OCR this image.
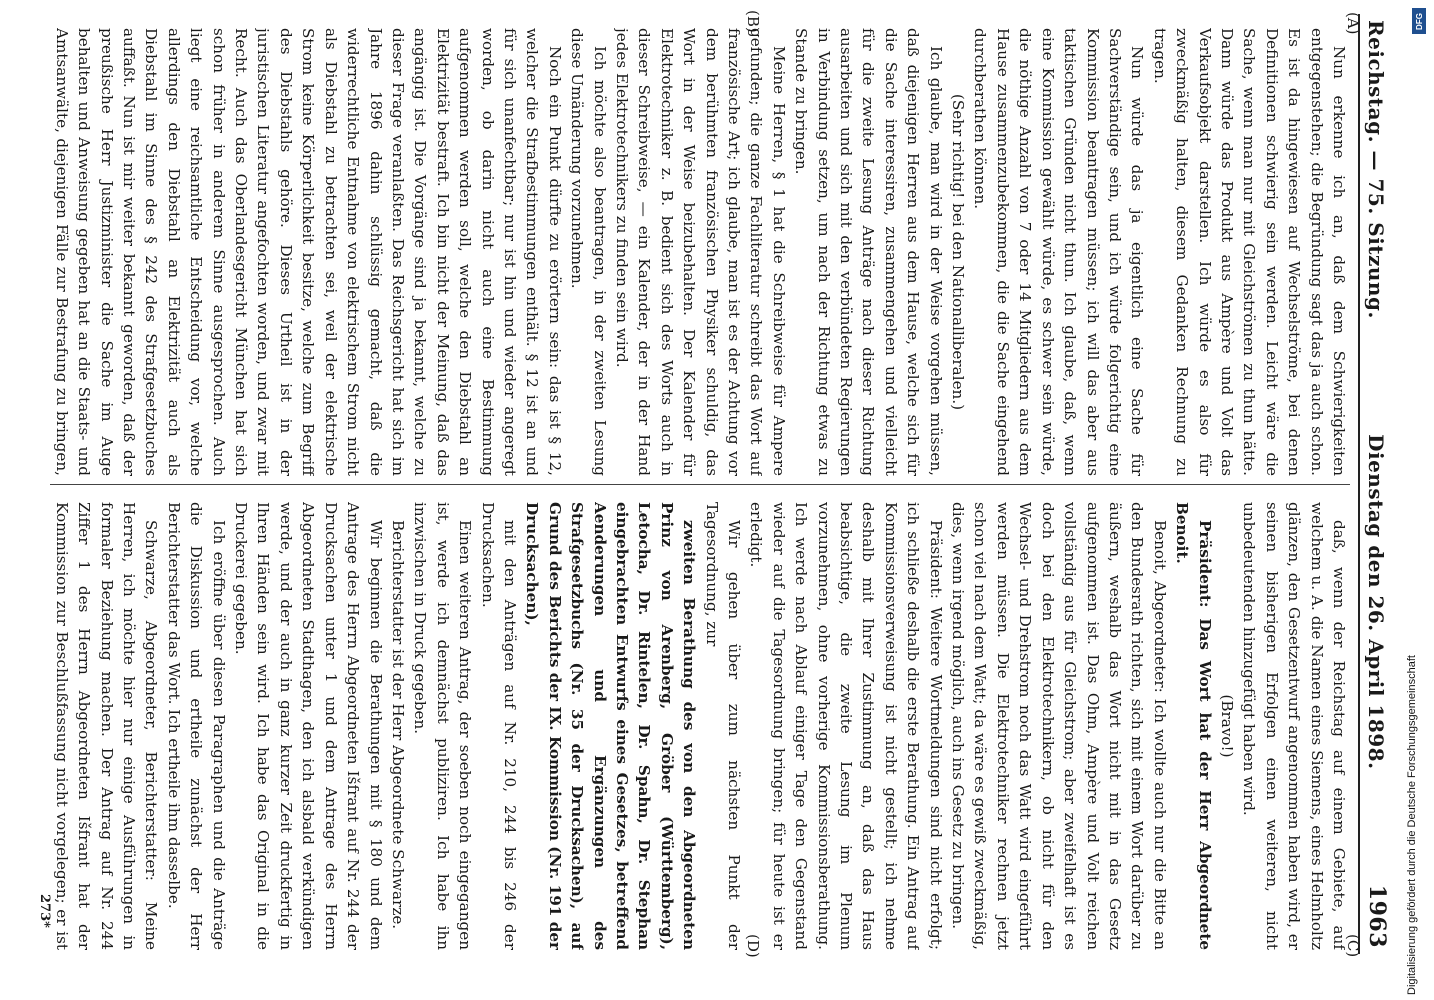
Reichstag. — 75. Sitzung.
Dienstag den 26. April 1898.
1963
(A)
(B)
(C)
(D)

Nun erkenne ich an, daß dem Schwierigkeiten entgegenstehen; die Begründung sagt das ja auch schon. Es ist da hingewiesen auf Wechselströme, bei denen Definitionen schwierig sein werden. Leicht wäre die Sache, wenn man nur mit Gleichströmen zu thun hätte. Dann würde das Produkt aus Ampère und Volt das Verkaufsobjekt darstellen. Ich würde es also für zweckmäßig halten, diesem Gedanken Rechnung zu tragen.

Nun würde das ja eigentlich eine Sache für Sachverständige sein, und ich würde folgerichtig eine Kommission beantragen müssen; ich will das aber aus taktischen Gründen nicht thun. Ich glaube, daß, wenn eine Kommission gewählt würde, es schwer sein würde, die nöthige Anzahl von 7 oder 14 Mitgliedern aus dem Hause zusammenzubekommen, die die Sache eingehend durchberathen können.

(Sehr richtig! bei den Nationalliberalen.)

Ich glaube, man wird in der Weise vorgehen müssen, daß diejenigen Herren aus dem Hause, welche sich für die Sache interessiren, zusammengehen und vielleicht für die zweite Lesung Anträge nach dieser Richtung ausarbeiten und sich mit den verbündeten Regierungen in Verbindung setzen, um nach der Richtung etwas zu Stande zu bringen.

Meine Herren, § 1 hat die Schreibweise für Ampere gefunden; die ganze Fachliteratur schreibt das Wort auf französische Art; ich glaube, man ist es der Achtung vor dem berühmten französischen Physiker schuldig, das Wort in der Weise beizubehalten. Der Kalender für Elektrotechniker z. B. bedient sich des Worts auch in dieser Schreibweise, — ein Kalender, der in der Hand jedes Elektrotechnikers zu finden sein wird.

Ich möchte also beantragen, in der zweiten Lesung diese Umänderung vorzunehmen.

Noch ein Punkt dürfte zu erörtern sein: das ist § 12, welcher die Strafbestimmungen enthält. § 12 ist an und für sich unanfechtbar; nur ist hin und wieder angeregt worden, ob darin nicht auch eine Bestimmung aufgenommen werden soll, welche den Diebstahl an Elektrizität bestraft. Ich bin nicht der Meinung, daß das angängig ist. Die Vorgänge sind ja bekannt, welche zu dieser Frage veranlaßten. Das Reichsgericht hat sich im Jahre 1896 dahin schlüssig gemacht, daß die widerrechtliche Entnahme von elektrischem Strom nicht als Diebstahl zu betrachten sei, weil der elektrische Strom keine Körperlichkeit besitze, welche zum Begriff des Diebstahls gehöre. Dieses Urtheil ist in der juristischen Literatur angefochten worden, und zwar mit Recht. Auch das Oberlandesgericht München hat sich schon früher in anderem Sinne ausgesprochen. Auch liegt eine reichsamtliche Entscheidung vor, welche allerdings den Diebstahl an Elektrizität auch als Diebstahl im Sinne des § 242 des Strafgesetzbuches auffaßt. Nun ist mir weiter bekannt geworden, daß der preußische Herr Justizminister die Sache im Auge behalten und Anweisung gegeben hat an die Staats- und Amtsanwälte, diejenigen Fälle zur Bestrafung zu bringen,

daß, wenn der Reichstag auf einem Gebiete, auf welchem u. A. die Namen eines Siemens, eines Helmholtz glänzen, den Gesetzentwurf angenommen haben wird, er seinen bisherigen Erfolgen einen weiteren, nicht unbedeutenden hinzugefügt haben wird.

(Bravo!)

Präsident: Das Wort hat der Herr Abgeordnete Benoit.

Benoit, Abgeordneter: Ich wollte auch nur die Bitte an den Bundesrath richten, sich mit einem Wort darüber zu äußern, weshalb das Wort nicht mit in das Gesetz aufgenommen ist. Das Ohm, Ampère und Volt reichen vollständig aus für Gleichstrom; aber zweifelhaft ist es doch bei den Elektrotechnikern, ob nicht für den Wechsel- und Drehstrom noch das Watt wird eingeführt werden müssen. Die Elektrotechniker rechnen jetzt schon viel nach dem Watt; da wäre es gewiß zweckmäßig, dies, wenn irgend möglich, auch ins Gesetz zu bringen.

Präsident: Weitere Wortmeldungen sind nicht erfolgt; ich schließe deshalb die erste Berathung. Ein Antrag auf Kommissionsverweisung ist nicht gestellt; ich nehme deshalb mit Ihrer Zustimmung an, daß das Haus beabsichtige, die zweite Lesung im Plenum vorzunehmen, ohne vorherige Kommissionsberathung. Ich werde nach Ablauf einiger Tage den Gegenstand wieder auf die Tagesordnung bringen; für heute ist er erledigt.

Wir gehen über zum nächsten Punkt der Tagesordnung, zur

zweiten Berathung des von den Abgeordneten Prinz von Arenberg, Gröber (Württemberg), Letocha, Dr. Rintelen, Dr. Spahn, Dr. Stephan eingebrachten Entwurfs eines Gesetzes, betreffend Aenderungen und Ergänzungen des Strafgesetzbuchs (Nr. 35 der Drucksachen), auf Grund des Berichts der IX. Kommission (Nr. 191 der Drucksachen),

mit den Anträgen auf Nr. 210, 244 bis 246 der Drucksachen.

Einen weiteren Antrag, der soeben noch eingegangen ist, werde ich demnächst publiziren. Ich habe ihn inzwischen in Druck gegeben.

Berichterstatter ist der Herr Abgeordnete Schwarze.

Wir beginnen die Berathungen mit § 180 und dem Antrage des Herrn Abgeordneten Išfrant auf Nr. 244 der Drucksachen unter 1 und dem Antrage des Herrn Abgeordneten Stadthagen, den ich alsbald verkündigen werde, und der auch in ganz kurzer Zeit druckfertig in Ihren Händen sein wird. Ich habe das Original in die Druckerei gegeben.

Ich eröffne über diesen Paragraphen und die Anträge die Diskussion und ertheile zunächst der Herr Berichterstatter das Wort. Ich ertheile ihm dasselbe.

Schwarze, Abgeordneter, Berichterstatter: Meine Herren, ich möchte hier nur einige Ausführungen in formaler Beziehung machen. Der Antrag auf Nr. 244 Ziffer 1 des Herrn Abgeordneten Išfrant hat der Kommission zur Beschlußfassung nicht vorgelegen; er ist

273*
DFG
Digitalisierung gefördert durch die Deutsche Forschungsgemeinschaft
